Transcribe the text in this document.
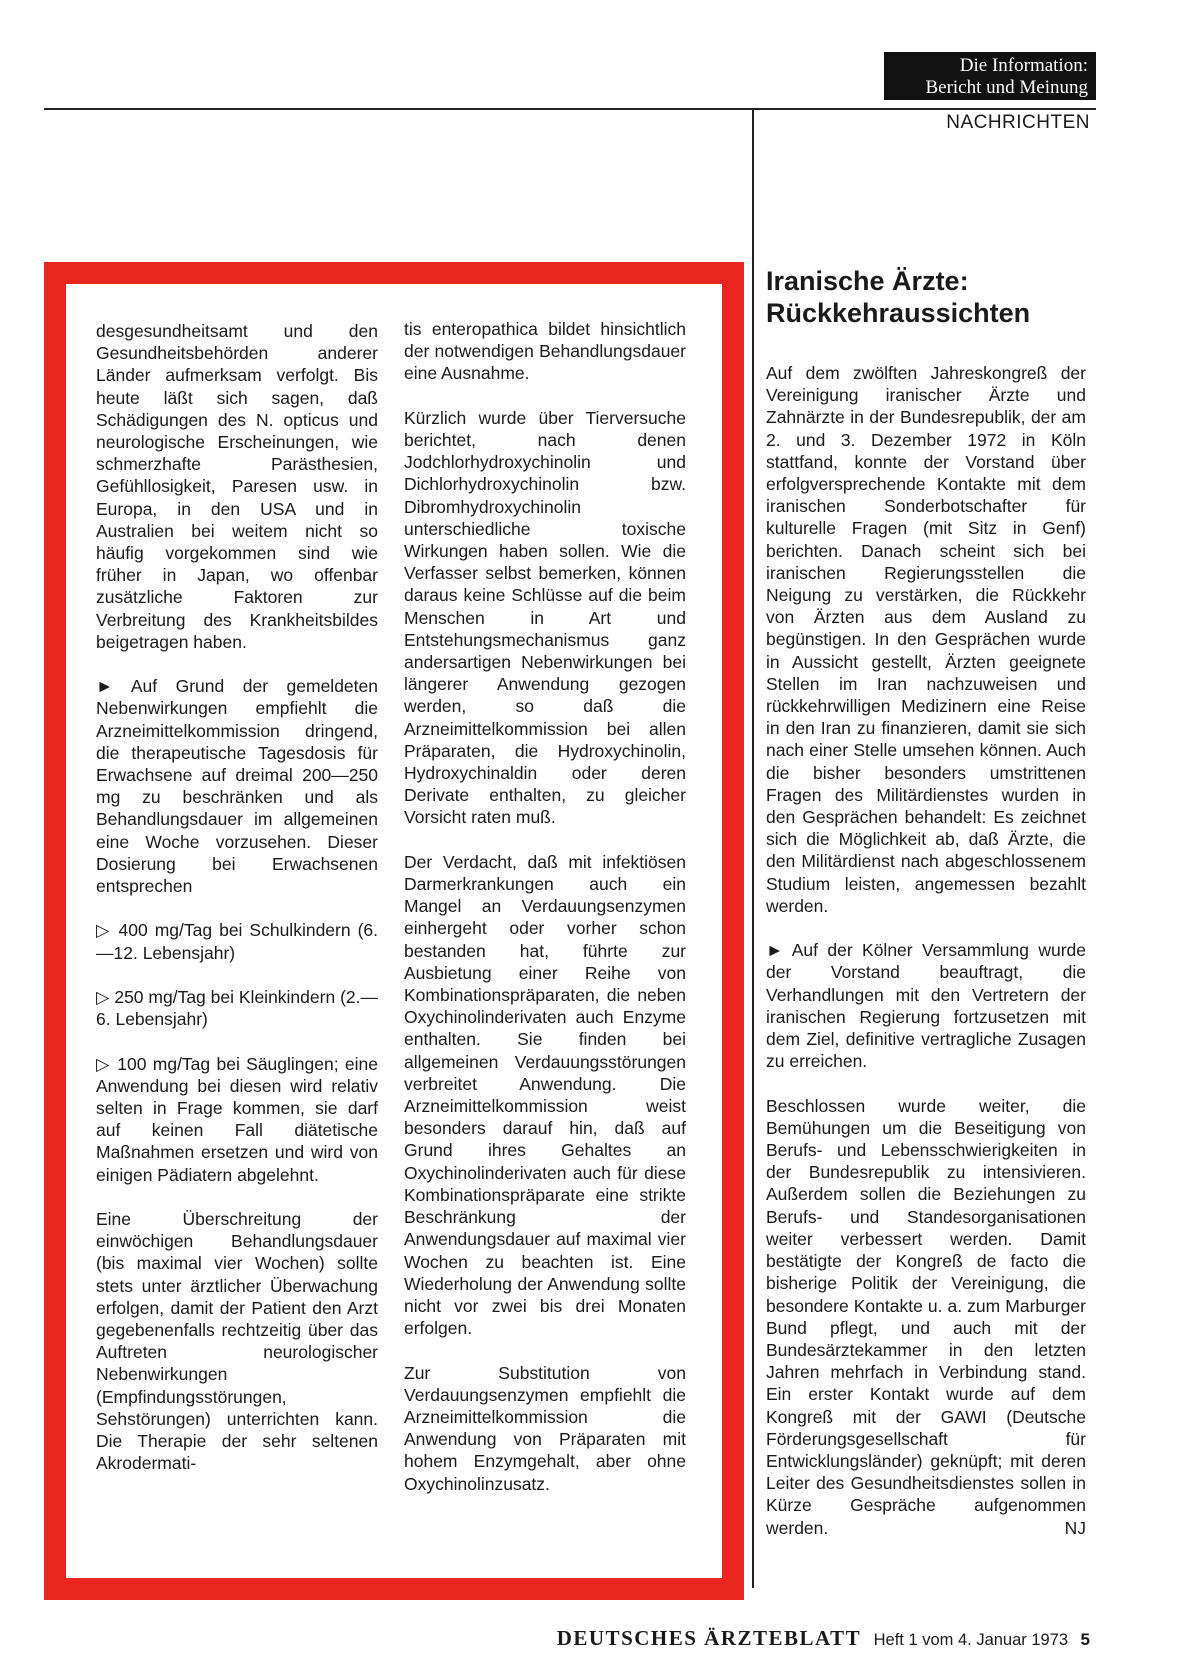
Die Information:
Bericht und Meinung
NACHRICHTEN

desgesundheitsamt und den Gesundheitsbehörden anderer Länder aufmerksam verfolgt. Bis heute läßt sich sagen, daß Schädigungen des N. opticus und neurologische Erscheinungen, wie schmerzhafte Parästhesien, Gefühllosigkeit, Paresen usw. in Europa, in den USA und in Australien bei weitem nicht so häufig vorgekommen sind wie früher in Japan, wo offenbar zusätzliche Faktoren zur Verbreitung des Krankheitsbildes beigetragen haben.

► Auf Grund der gemeldeten Nebenwirkungen empfiehlt die Arzneimittelkommission dringend, die therapeutische Tagesdosis für Erwachsene auf dreimal 200—250 mg zu beschränken und als Behandlungsdauer im allgemeinen eine Woche vorzusehen. Dieser Dosierung bei Erwachsenen entsprechen

▷ 400 mg/Tag bei Schulkindern (6.—12. Lebensjahr)

▷ 250 mg/Tag bei Kleinkindern (2.—6. Lebensjahr)

▷ 100 mg/Tag bei Säuglingen; eine Anwendung bei diesen wird relativ selten in Frage kommen, sie darf auf keinen Fall diätetische Maßnahmen ersetzen und wird von einigen Pädiatern abgelehnt.

Eine Überschreitung der einwöchigen Behandlungsdauer (bis maximal vier Wochen) sollte stets unter ärztlicher Überwachung erfolgen, damit der Patient den Arzt gegebenenfalls rechtzeitig über das Auftreten neurologischer Nebenwirkungen (Empfindungsstörungen, Sehstörungen) unterrichten kann. Die Therapie der sehr seltenen Akrodermati-

tis enteropathica bildet hinsichtlich der notwendigen Behandlungsdauer eine Ausnahme.

Kürzlich wurde über Tierversuche berichtet, nach denen Jodchlorhydroxychinolin und Dichlorhydroxychinolin bzw. Dibromhydroxychinolin unterschiedliche toxische Wirkungen haben sollen. Wie die Verfasser selbst bemerken, können daraus keine Schlüsse auf die beim Menschen in Art und Entstehungsmechanismus ganz andersartigen Nebenwirkungen bei längerer Anwendung gezogen werden, so daß die Arzneimittelkommission bei allen Präparaten, die Hydroxychinolin, Hydroxychinaldin oder deren Derivate enthalten, zu gleicher Vorsicht raten muß.

Der Verdacht, daß mit infektiösen Darmerkrankungen auch ein Mangel an Verdauungsenzymen einhergeht oder vorher schon bestanden hat, führte zur Ausbietung einer Reihe von Kombinationspräparaten, die neben Oxychinolinderivaten auch Enzyme enthalten. Sie finden bei allgemeinen Verdauungsstörungen verbreitet Anwendung. Die Arzneimittelkommission weist besonders darauf hin, daß auf Grund ihres Gehaltes an Oxychinolinderivaten auch für diese Kombinationspräparate eine strikte Beschränkung der Anwendungsdauer auf maximal vier Wochen zu beachten ist. Eine Wiederholung der Anwendung sollte nicht vor zwei bis drei Monaten erfolgen.

Zur Substitution von Verdauungsenzymen empfiehlt die Arzneimittelkommission die Anwendung von Präparaten mit hohem Enzymgehalt, aber ohne Oxychinolinzusatz.

Iranische Ärzte:
Rückkehraussichten

Auf dem zwölften Jahreskongreß der Vereinigung iranischer Ärzte und Zahnärzte in der Bundesrepublik, der am 2. und 3. Dezember 1972 in Köln stattfand, konnte der Vorstand über erfolgversprechende Kontakte mit dem iranischen Sonderbotschafter für kulturelle Fragen (mit Sitz in Genf) berichten. Danach scheint sich bei iranischen Regierungsstellen die Neigung zu verstärken, die Rückkehr von Ärzten aus dem Ausland zu begünstigen. In den Gesprächen wurde in Aussicht gestellt, Ärzten geeignete Stellen im Iran nachzuweisen und rückkehrwilligen Medizinern eine Reise in den Iran zu finanzieren, damit sie sich nach einer Stelle umsehen können. Auch die bisher besonders umstrittenen Fragen des Militärdienstes wurden in den Gesprächen behandelt: Es zeichnet sich die Möglichkeit ab, daß Ärzte, die den Militärdienst nach abgeschlossenem Studium leisten, angemessen bezahlt werden.

► Auf der Kölner Versammlung wurde der Vorstand beauftragt, die Verhandlungen mit den Vertretern der iranischen Regierung fortzusetzen mit dem Ziel, definitive vertragliche Zusagen zu erreichen.

Beschlossen wurde weiter, die Bemühungen um die Beseitigung von Berufs- und Lebensschwierigkeiten in der Bundesrepublik zu intensivieren. Außerdem sollen die Beziehungen zu Berufs- und Standesorganisationen weiter verbessert werden. Damit bestätigte der Kongreß de facto die bisherige Politik der Vereinigung, die besondere Kontakte u. a. zum Marburger Bund pflegt, und auch mit der Bundesärztekammer in den letzten Jahren mehrfach in Verbindung stand. Ein erster Kontakt wurde auf dem Kongreß mit der GAWI (Deutsche Förderungsgesellschaft für Entwicklungsländer) geknüpft; mit deren Leiter des Gesundheitsdienstes sollen in Kürze Gespräche aufgenommen werden.	NJ
DEUTSCHES ÄRZTEBLATT Heft 1 vom 4. Januar 1973 5
